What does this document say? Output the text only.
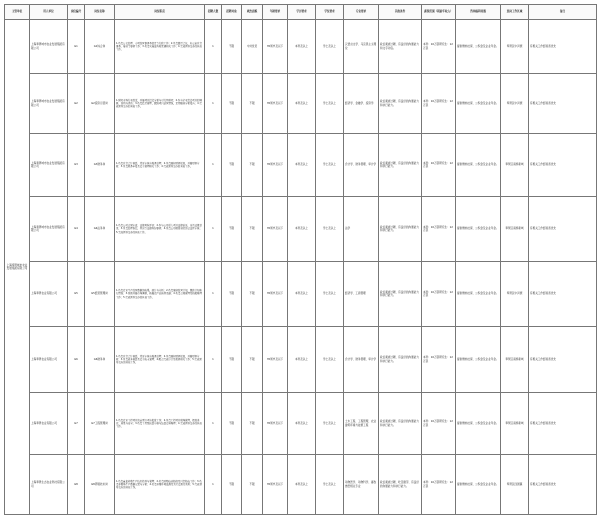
主管单位	用人单位	岗位编号	岗位名称	岗位职责	招聘人数	招聘对象	政治面貌	年龄要求	学历要求	学位要求	专业要求	其他条件	薪资范围（税前年收入）	咨询福利待遇	选岗工作区域	备注
上海奉贤城市农业发展集团有限公司	上海奉贤城市农业发展集团有限公司	G1	G1综合岗	1.负责公文处理、专项经营事务类信息等行政工作；2.负责组织会议、办公室日常事务、接待等事务工作；3.负责实施宣传和党建相关工作；4.完成领导交办的其他工作。	1	不限	中共党员	35周岁及以下	本科及以上	学士及以上	汉语言文学、马克思主义理论	政治素质过硬、有良好的沟通能力和文字功底。	本科：10万起研究生：12万起	提供缴纳社保、公积金及企业年金。	奉贤区中河源	有相关工作经验者优先
	上海奉贤城市农业发展集团有限公司	G2	G2投资运营岗	1.研究市场行业政策，开展项目投资分析与可行性研究；2.参与企业投资项目的调研、谈判与评估；3.负责投后管理，跟踪项目运营情况，定期编制分析报告；4.完成领导交办的其他工作。	1	不限	不限	35周岁及以下	本科及以上	学士及以上	经济学、金融学、投资学	政治素质过硬、有良好的沟通能力和执行能力。	本科：10万起研究生：12万起	提供缴纳社保、公积金及企业年金。	奉贤区中河源	有相关工作经验者优先
	上海奉贤城市农业发展集团有限公司	G3	G3财务岗	1.负责日常会计核算、凭证审核与账务处理；2.负责编制财务报表，开展财务分析；3.负责税务申报及资金管理相关工作；4.完成领导交办的其他工作。	1	不限	不限	35周岁及以下	本科及以上	学士及以上	会计学、财务管理、审计学	政治素质过硬、有良好的沟通能力和执行能力。	本科：10万起研究生：12万起	提供缴纳社保、公积金及企业年金。	奉贤区南桥新城	有相关工作经验者优先
	上海奉贤城市农业发展集团有限公司	G4	G4法务岗	1.负责公司合同审查、法律风险评估；2.参与公司重大项目法律论证，出具法律意见；3.负责处理诉讼、仲裁等法律纠纷事务；4.负责公司规章制度的合法性审核；5.完成领导交办的其他工作。	1	不限	不限	35周岁及以下	本科及以上	学士及以上	法学	政治素质过硬、有良好的沟通能力和执行能力。	本科：10万起研究生：12万起	提供缴纳社保、公积金及企业年金。	奉贤区南桥新城	有相关工作经验者优先
	上海奉贤农业有限公司	G5	G5经营管理岗	1.负责农业生产经营数据的收集、统计与分析；2.负责编制经营计划，跟踪计划执行情况；3.协助开展市场调研，拓展农产品销售渠道；4.负责合同管理及档案整理工作；5.完成领导交办的其他工作。	1	不限	不限	35周岁及以下	本科及以上	学士及以上	经济学、工商管理	政治素质过硬、有良好的沟通能力和执行能力。	本科：10万起研究生：12万起	提供缴纳社保、公积金及企业年金。	奉贤区中河源	有相关工作经验者优先
	上海奉贤农业有限公司	G6	G6财务岗	1.负责日常会计核算、凭证审核与账务处理；2.负责编制财务报表，开展财务分析；3.负责成本核算及资金收支管理；4.配合完成审计及税务相关工作；5.完成领导交办的其他工作。	1	不限	不限	35周岁及以下	本科及以上	学士及以上	会计学、财务管理、审计学	政治素质过硬、有良好的沟通能力和执行能力。	本科：10万起研究生：12万起	提供缴纳社保、公积金及企业年金。	奉贤区南桥新城	有相关工作经验者优先
	上海奉贤农业有限公司	G7	G7工程管理岗	1.负责农业工程项目的前期立项与报批工作；2.负责工程项目现场管理，把控进度、质量与安全；3.负责工程预决算审核与结算资料整理；4.完成领导交办的其他工作。	1	不限	不限	35周岁及以下	本科及以上	学士及以上	土木工程、工程管理、农业建筑环境与能源工程	政治素质过硬、有良好的沟通能力和执行能力。	本科：10万起研究生：12万起	提供缴纳社保、公积金及企业年金。	奉贤区南桥新城	有相关工作经验者优先
	上海奉贤生态农业科技有限公司	G8	G8养殖技术岗	1.负责畜禽养殖生产技术指导与管理；2.负责动物疫病防控及日常防疫工作；3.负责养殖场生产数据记录与分析；4.负责养殖环境监测及粪污资源化利用；5.完成领导交办的其他工作。	1	不限	不限	35周岁及以下	本科及以上	学士及以上	动物医学、动物科学、畜牧兽医相关专业	政治素质过硬、吃苦耐劳、有良好的沟通能力和执行能力。	本科：10万起研究生：12万起	提供缴纳社保、公积金及企业年金。	奉贤区四团镇	有相关工作经验者优先
